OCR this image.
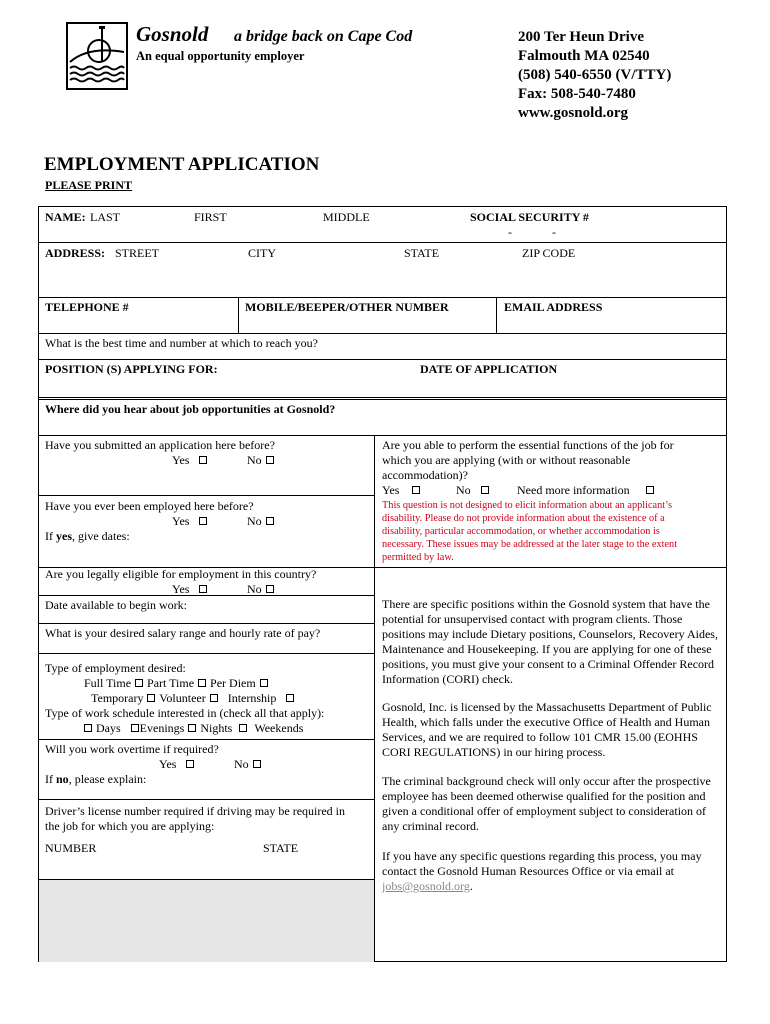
Gosnold a bridge back on Cape Cod
An equal opportunity employer
200 Ter Heun Drive
Falmouth MA 02540
(508) 540-6550 (V/TTY)
Fax: 508-540-7480
www.gosnold.org
EMPLOYMENT APPLICATION
PLEASE PRINT
NAME: LAST	FIRST	MIDDLE	SOCIAL SECURITY #
-	-
ADDRESS: STREET	CITY	STATE	ZIP CODE
TELEPHONE #	MOBILE/BEEPER/OTHER NUMBER	EMAIL ADDRESS
What is the best time and number at which to reach you?
POSITION (S) APPLYING FOR:	DATE OF APPLICATION
Where did you hear about job opportunities at Gosnold?
Have you submitted an application here before?
Yes	No
Have you ever been employed here before?
Yes	No
If yes, give dates:
Are you legally eligible for employment in this country?
Yes	No
Date available to begin work:
What is your desired salary range and hourly rate of pay?
Type of employment desired:
Full Time Part Time Per Diem
Temporary Volunteer Internship
Type of work schedule interested in (check all that apply):
Days Evenings Nights Weekends
Will you work overtime if required?
Yes	No
If no, please explain:
Driver’s license number required if driving may be required in
the job for which you are applying:
NUMBER	STATE
Are you able to perform the essential functions of the job for
which you are applying (with or without reasonable
accommodation)?
Yes	No	Need more information
This question is not designed to elicit information about an applicant’s
disability. Please do not provide information about the existence of a
disability, particular accommodation, or whether accommodation is
necessary. These issues may be addressed at the later stage to the extent
permitted by law.
There are specific positions within the Gosnold system that have the potential for unsupervised contact with program clients. Those positions may include Dietary positions, Counselors, Recovery Aides, Maintenance and Housekeeping. If you are applying for one of these positions, you must give your consent to a Criminal Offender Record Information (CORI) check.
Gosnold, Inc. is licensed by the Massachusetts Department of Public Health, which falls under the executive Office of Health and Human Services, and we are required to follow 101 CMR 15.00 (EOHHS CORI REGULATIONS) in our hiring process.
The criminal background check will only occur after the prospective employee has been deemed otherwise qualified for the position and given a conditional offer of employment subject to consideration of any criminal record.
If you have any specific questions regarding this process, you may contact the Gosnold Human Resources Office or via email at jobs@gosnold.org.
